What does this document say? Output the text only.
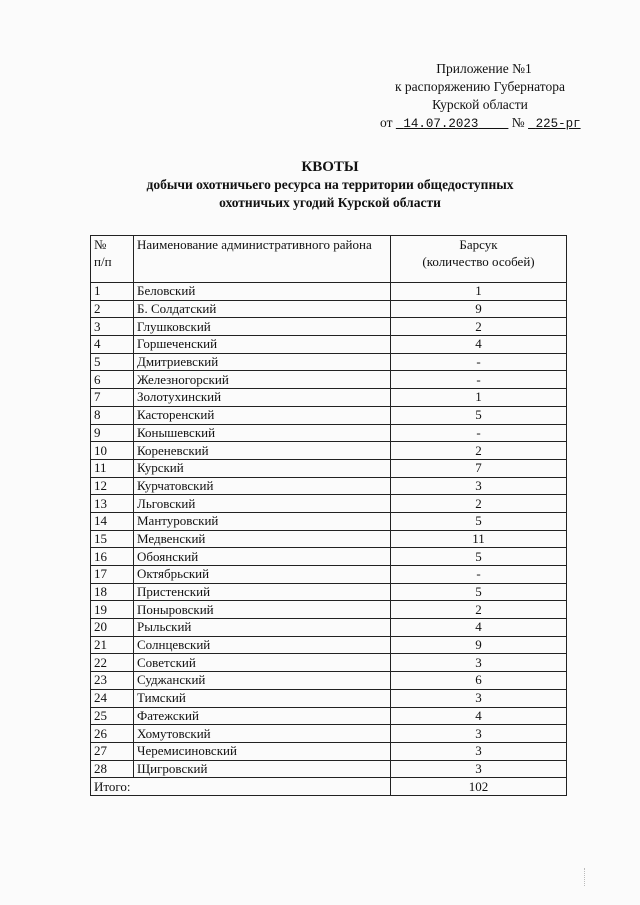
Приложение №1
к распоряжению Губернатора
Курской области
от 14.07.2023 № 225-рг
КВОТЫ
добычи охотничьего ресурса на территории общедоступных
охотничьих угодий Курской области
№
п/п	Наименование административного района	Барсук
(количество особей)
1	Беловский	1
2	Б. Солдатский	9
3	Глушковский	2
4	Горшеченский	4
5	Дмитриевский	-
6	Железногорский	-
7	Золотухинский	1
8	Касторенский	5
9	Конышевский	-
10	Кореневский	2
11	Курский	7
12	Курчатовский	3
13	Льговский	2
14	Мантуровский	5
15	Медвенский	11
16	Обоянский	5
17	Октябрьский	-
18	Пристенский	5
19	Поныровский	2
20	Рыльский	4
21	Солнцевский	9
22	Советский	3
23	Суджанский	6
24	Тимский	3
25	Фатежский	4
26	Хомутовский	3
27	Черемисиновский	3
28	Щигровский	3
Итого:		102
